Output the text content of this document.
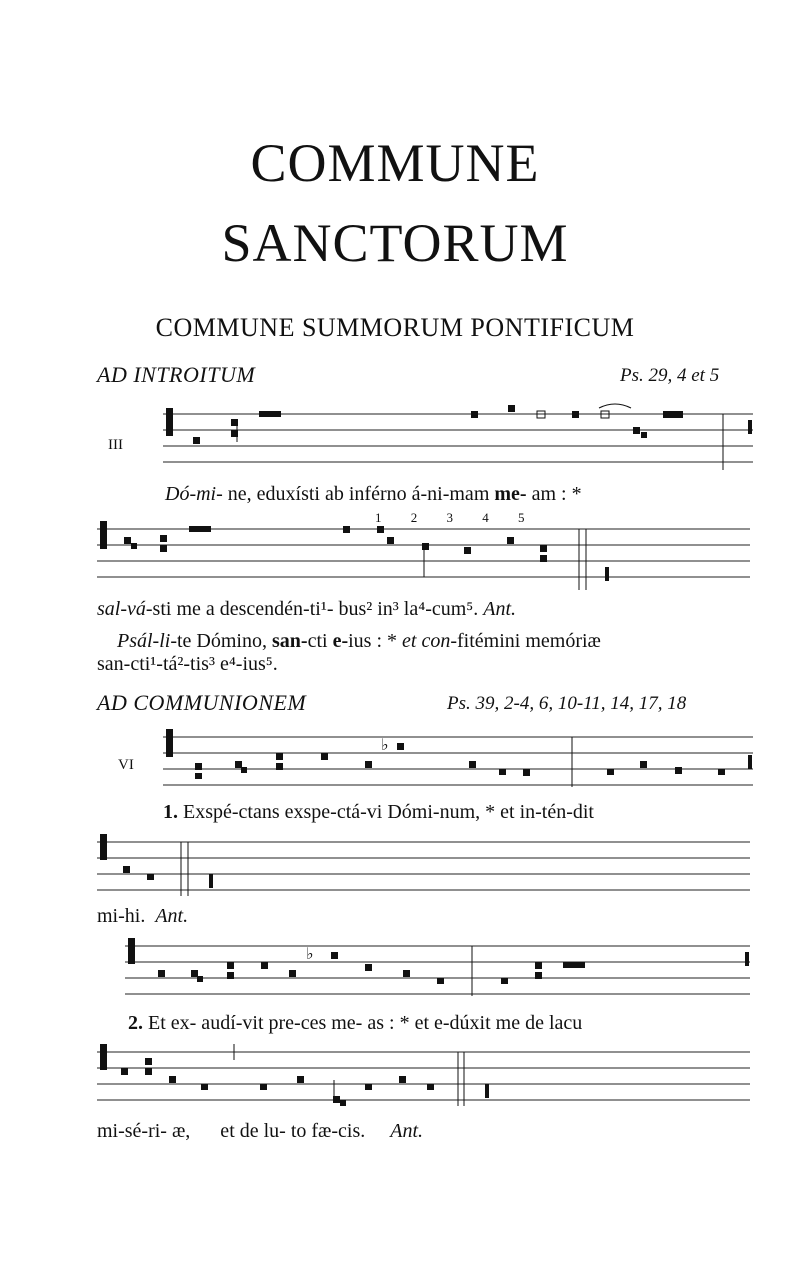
COMMUNE
SANCTORUM
COMMUNE SUMMORUM PONTIFICUM
AD INTROITUM	Ps. 29, 4 et 5
III
Dó-mi- ne, eduxísti ab inférno á-ni-mam me- am : *
1 2 3 4 5
sal-vá-sti me a descendén-ti¹- bus² in³ la⁴-cum⁵. Ant.
Psál-li-te Dómino, san-cti e-ius : * et con-fitémini memóriæ
san-cti¹-tá²-tis³ e⁴-ius⁵.
AD COMMUNIONEM	Ps. 39, 2-4, 6, 10-11, 14, 17, 18
VI
♭
1. Exspé-ctans exspe-ctá-vi Dómi-num, * et in-tén-dit
mi-hi. Ant.
♭
2. Et ex- audí-vit pre-ces me- as : * et e-dúxit me de lacu
mi-sé-ri- æ,      et de lu- to fæ-cis. Ant.
